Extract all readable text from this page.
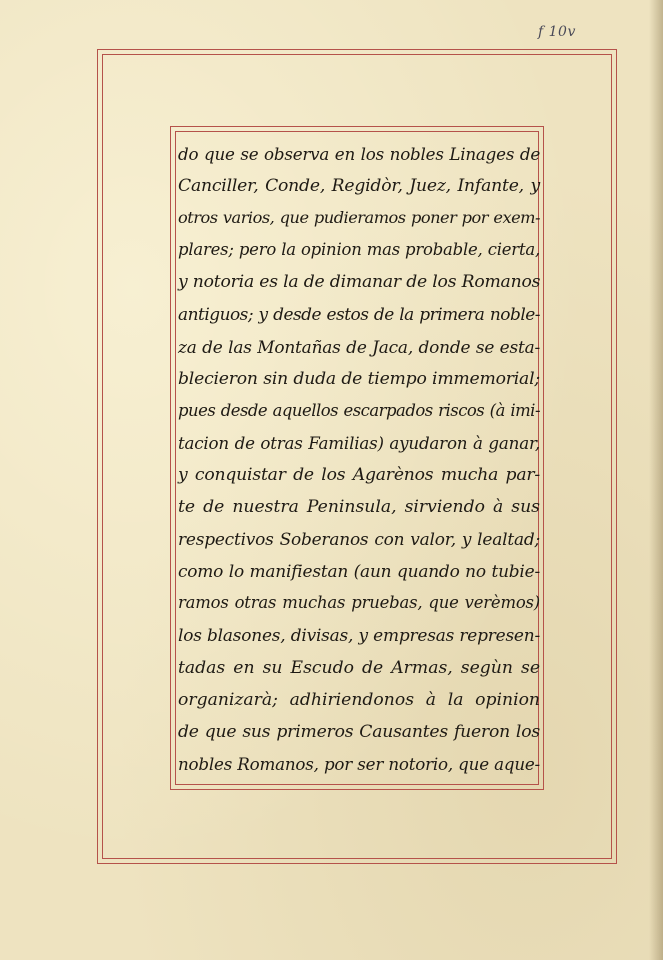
f 10v
do que se observa en los nobles Linages de
Canciller, Conde, Regidòr, Juez, Infante, y
otros varios, que pudieramos poner por exem-
plares; pero la opinion mas probable, cierta,
y notoria es la de dimanar de los Romanos
antiguos; y desde estos de la primera noble-
za de las Montañas de Jaca, donde se esta-
blecieron sin duda de tiempo immemorial;
pues desde aquellos escarpados riscos (à imi-
tacion de otras Familias) ayudaron à ganar,
y conquistar de los Agarènos mucha par-
te de nuestra Peninsula, sirviendo à sus
respectivos Soberanos con valor, y lealtad;
como lo manifiestan (aun quando no tubie-
ramos otras muchas pruebas, que verèmos)
los blasones, divisas, y empresas represen-
tadas en su Escudo de Armas, segùn se
organizarà; adhiriendonos à la opinion
de que sus primeros Causantes fueron los
nobles Romanos, por ser notorio, que aque-
